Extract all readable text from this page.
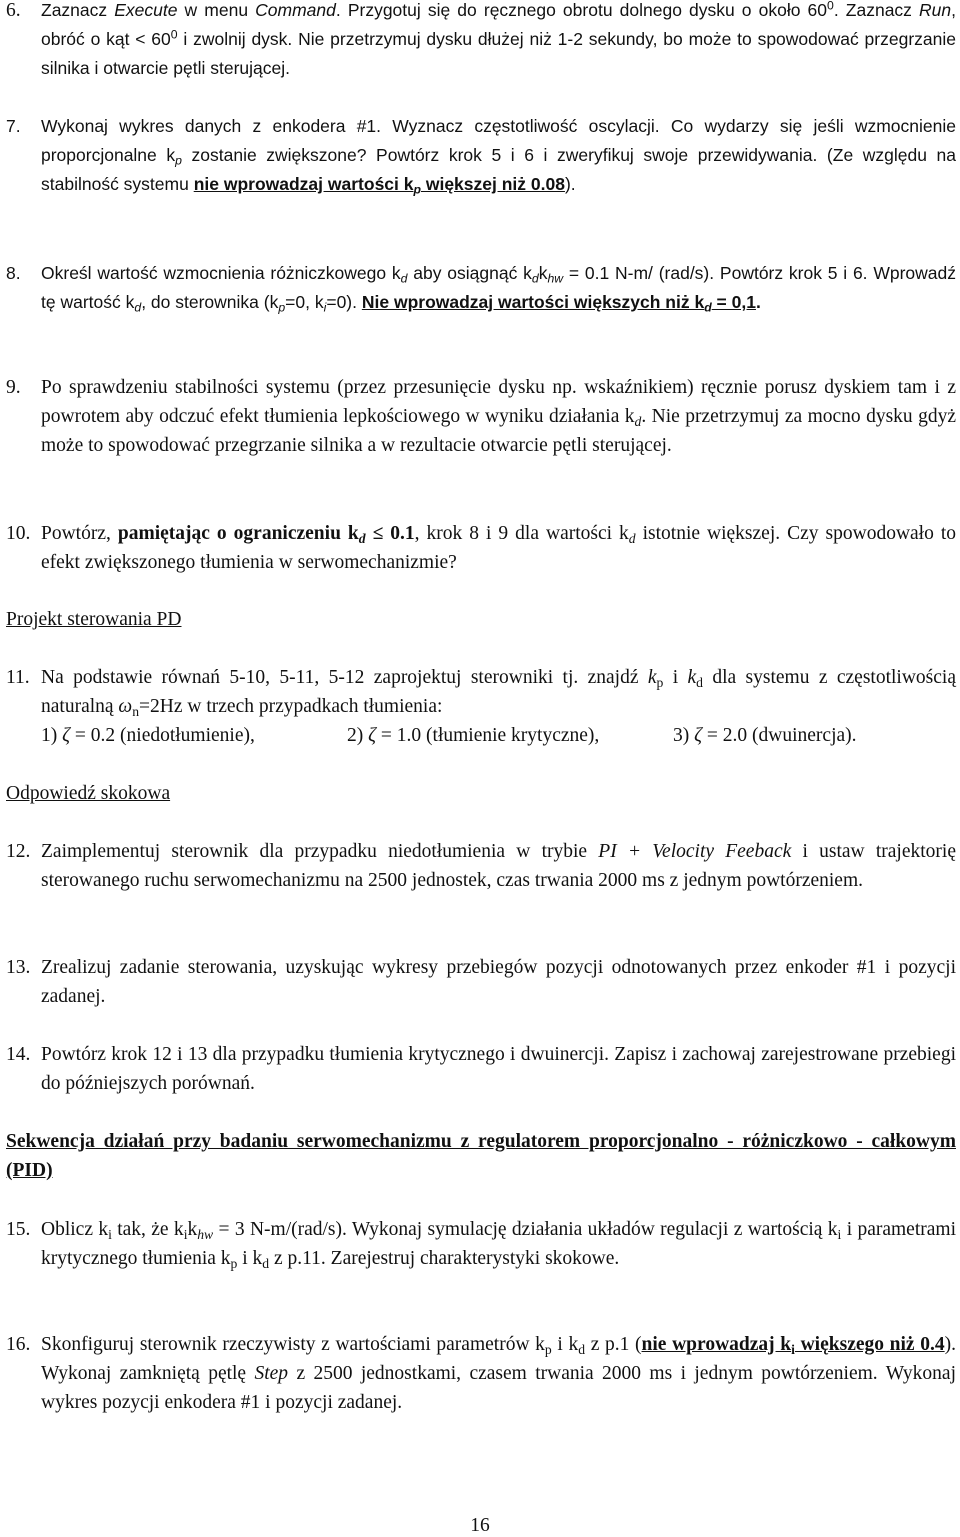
6. Zaznacz Execute w menu Command. Przygotuj się do ręcznego obrotu dolnego dysku o około $60^0$. Zaznacz Run, obróć o kąt < $60^0$ i zwolnij dysk. Nie przetrzymuj dysku dłużej niż 1-2 sekundy, bo może to spowodować przegrzanie silnika i otwarcie pętli sterującej.
7. Wykonaj wykres danych z enkodera #1. Wyznacz częstotliwość oscylacji. Co wydarzy się jeśli wzmocnienie proporcjonalne $k_p$ zostanie zwiększone? Powtórz krok 5 i 6 i zweryfikuj swoje przewidywania. (Ze względu na stabilność systemu nie wprowadzaj wartości $k_p$ większej niż 0.08).
8. Określ wartość wzmocnienia różniczkowego $k_d$ aby osiągnąć $k_dk_{hw} = 0.1$ N-m/ (rad/s). Powtórz krok 5 i 6. Wprowadź tę wartość $k_d$, do sterownika ($k_p=0$, $k_i=0$). Nie wprowadzaj wartości większych niż $k_d = 0,1$.
9. Po sprawdzeniu stabilności systemu (przez przesunięcie dysku np. wskaźnikiem) ręcznie porusz dyskiem tam i z powrotem aby odczuć efekt tłumienia lepkościowego w wyniku działania $k_d$. Nie przetrzymuj za mocno dysku gdyż może to spowodować przegrzanie silnika a w rezultacie otwarcie pętli sterującej.
10. Powtórz, pamiętając o ograniczeniu $k_d \le 0.1$, krok 8 i 9 dla wartości $k_d$ istotnie większej. Czy spowodowało to efekt zwiększonego tłumienia w serwomechanizmie?
Projekt sterowania PD
11. Na podstawie równań 5-10, 5-11, 5-12 zaprojektuj sterowniki tj. znajdź $k_p$ i $k_d$ dla systemu z częstotliwością naturalną $\omega_n=2Hz$ w trzech przypadkach tłumienia:
1) ζ = 0.2 (niedotłumienie),	2) ζ = 1.0 (tłumienie krytyczne),	3) ζ = 2.0 (dwuinercja).
Odpowiedź skokowa
12. Zaimplementuj sterownik dla przypadku niedotłumienia w trybie PI + Velocity Feeback i ustaw trajektorię sterowanego ruchu serwomechanizmu na 2500 jednostek, czas trwania 2000 ms z jednym powtórzeniem.
13. Zrealizuj zadanie sterowania, uzyskując wykresy przebiegów pozycji odnotowanych przez enkoder #1 i pozycji zadanej.
14. Powtórz krok 12 i 13 dla przypadku tłumienia krytycznego i dwuinercji. Zapisz i zachowaj zarejestrowane przebiegi do późniejszych porównań.
Sekwencja działań przy badaniu serwomechanizmu z regulatorem proporcjonalno - różniczkowo - całkowym (PID)
15. Oblicz $k_i$ tak, że $k_ik_{hw} = 3$ N-m/(rad/s). Wykonaj symulację działania układów regulacji z wartością $k_i$ i parametrami krytycznego tłumienia $k_p$ i $k_d$ z p.11. Zarejestruj charakterystyki skokowe.
16. Skonfiguruj sterownik rzeczywisty z wartościami parametrów $k_p$ i $k_d$ z p.1 (nie wprowadzaj $k_i$ większego niż 0.4). Wykonaj zamkniętą pętlę Step z 2500 jednostkami, czasem trwania 2000 ms i jednym powtórzeniem. Wykonaj wykres pozycji enkodera #1 i pozycji zadanej.
16
